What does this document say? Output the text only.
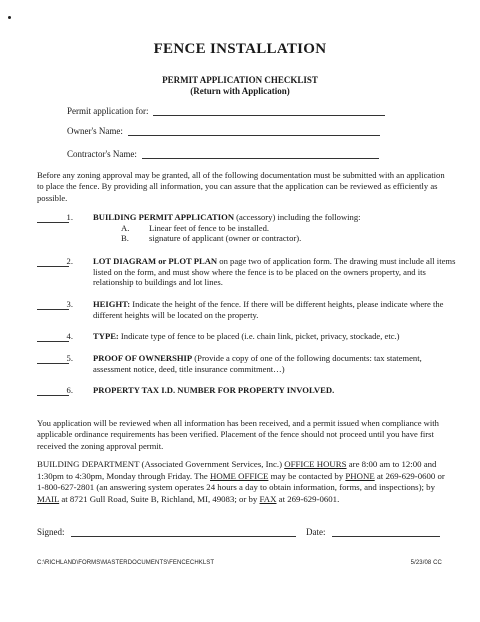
FENCE INSTALLATION
PERMIT APPLICATION CHECKLIST
(Return with Application)
Permit application for:
Owner's Name:
Contractor's Name:
Before any zoning approval may be granted, all of the following documentation must be submitted with an application to place the fence. By providing all information, you can assure that the application can be reviewed as efficiently as possible.
1. BUILDING PERMIT APPLICATION (accessory) including the following:
A. Linear feet of fence to be installed.
B. signature of applicant (owner or contractor).
2. LOT DIAGRAM or PLOT PLAN on page two of application form. The drawing must include all items listed on the form, and must show where the fence is to be placed on the owners property, and its relationship to buildings and lot lines.
3. HEIGHT: Indicate the height of the fence. If there will be different heights, please indicate where the different heights will be located on the property.
4. TYPE: Indicate type of fence to be placed (i.e. chain link, picket, privacy, stockade, etc.)
5. PROOF OF OWNERSHIP (Provide a copy of one of the following documents: tax statement, assessment notice, deed, title insurance commitment…)
6. PROPERTY TAX I.D. NUMBER FOR PROPERTY INVOLVED.
You application will be reviewed when all information has been received, and a permit issued when compliance with applicable ordinance requirements has been verified. Placement of the fence should not proceed until you have first received the zoning approval permit.
BUILDING DEPARTMENT (Associated Government Services, Inc.) OFFICE HOURS are 8:00 am to 12:00 and 1:30pm to 4:30pm, Monday through Friday. The HOME OFFICE may be contacted by PHONE at 269-629-0600 or 1-800-627-2801 (an answering system operates 24 hours a day to obtain information, forms, and inspections); by MAIL at 8721 Gull Road, Suite B, Richland, MI, 49083; or by FAX at 269-629-0601.
Signed:	Date:
C:\RICHLAND\FORMS\MASTERDOCUMENTS\FENCECHKLST	5/23/08 CC
